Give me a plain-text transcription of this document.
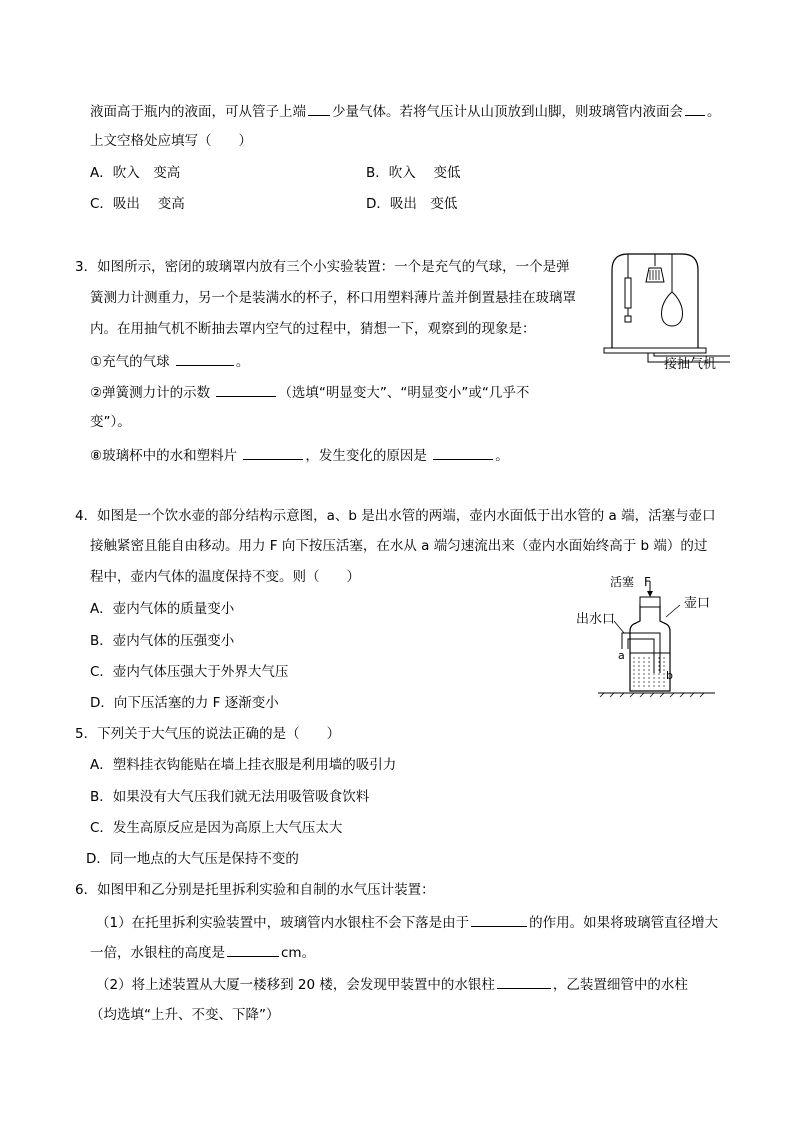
液面高于瓶内的液面，可从管子上端 少量气体。若将气压计从山顶放到山脚，则玻璃管内液面会 。
上文空格处应填写（　　）
A．吹入　变高	B．吹入　 变低
C．吸出　 变高	D．吸出　变低
3．如图所示，密闭的玻璃罩内放有三个小实验装置：一个是充气的气球，一个是弹
簧测力计测重力，另一个是装满水的杯子，杯口用塑料薄片盖并倒置悬挂在玻璃罩
内。在用抽气机不断抽去罩内空气的过程中，猜想一下，观察到的现象是：
①充气的气球	。
②弹簧测力计的示数	（选填“明显变大”、“明显变小”或“几乎不
变”）。
⑧玻璃杯中的水和塑料片	，发生变化的原因是	。
接抽气机
4．如图是一个饮水壶的部分结构示意图，a、b 是出水管的两端，壶内水面低于出水管的 a 端，活塞与壶口
接触紧密且能自由移动。用力 F 向下按压活塞，在水从 a 端匀速流出来（壶内水面始终高于 b 端）的过
程中，壶内气体的温度保持不变。则（　　）
A．壶内气体的质量变小
B．壶内气体的压强变小
C．壶内气体压强大于外界大气压
D．向下压活塞的力 F 逐渐变小
活塞 F
壶口
出水口
a
b
5．下列关于大气压的说法正确的是（　　）
A．塑料挂衣钩能贴在墙上挂衣服是利用墙的吸引力
B．如果没有大气压我们就无法用吸管吸食饮料
C．发生高原反应是因为高原上大气压太大
D．同一地点的大气压是保持不变的
6．如图甲和乙分别是托里拆利实验和自制的水气压计装置：
（1）在托里拆利实验装置中，玻璃管内水银柱不会下落是由于	的作用。如果将玻璃管直径增大
一倍，水银柱的高度是	cm。
（2）将上述装置从大厦一楼移到 20 楼，会发现甲装置中的水银柱	，乙装置细管中的水柱
（均选填“上升、不变、下降”）
